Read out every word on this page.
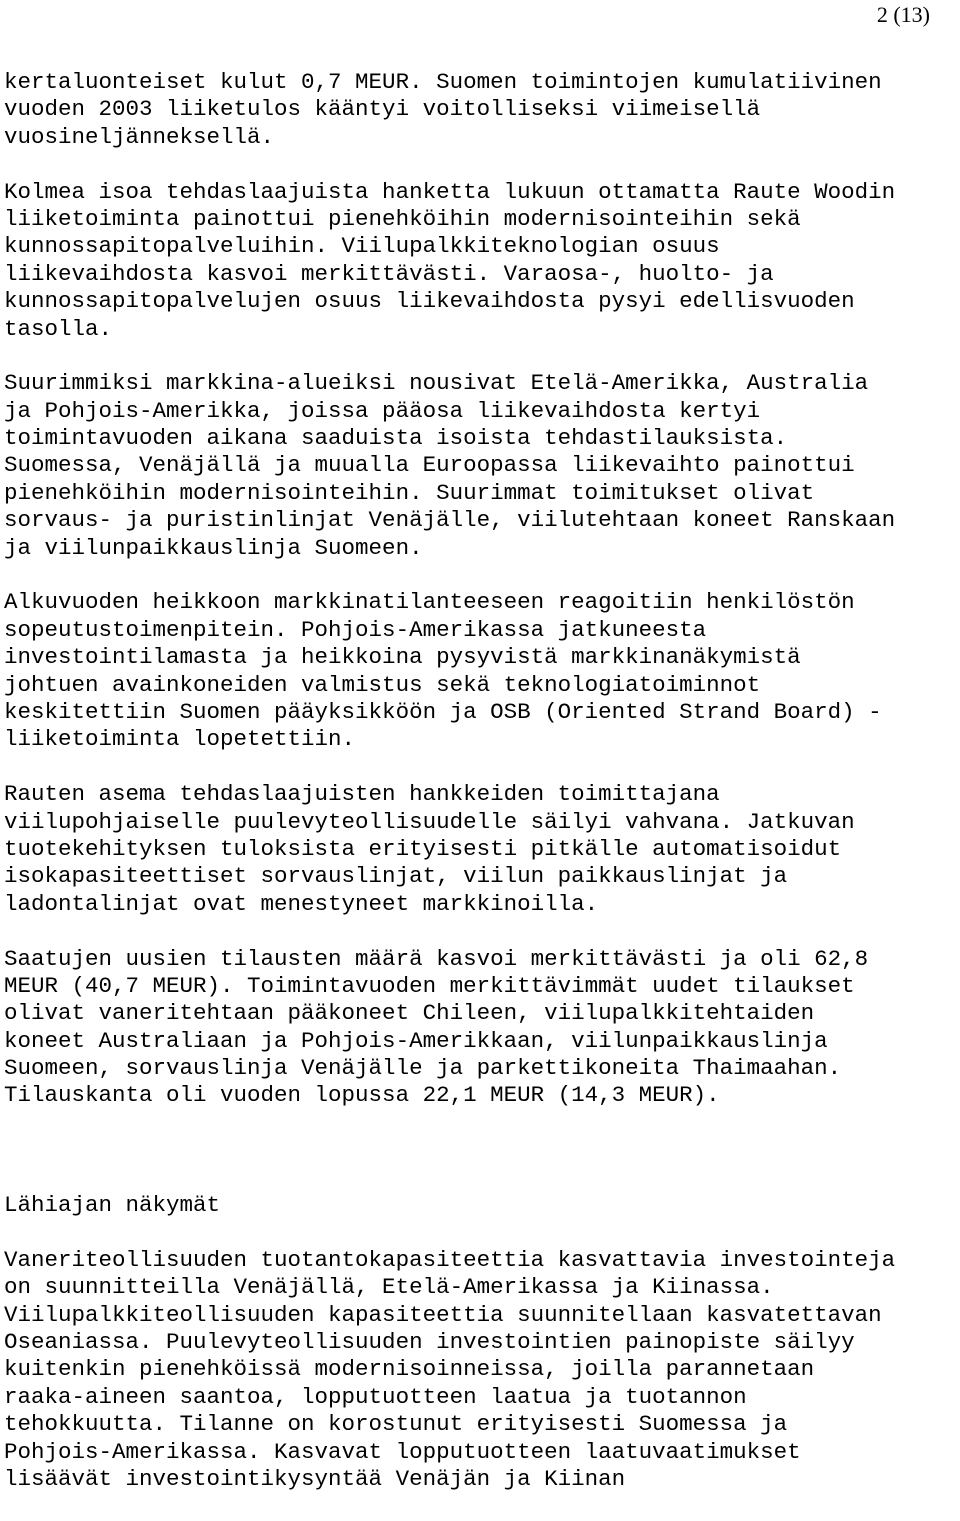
2 (13)
kertaluonteiset kulut 0,7 MEUR. Suomen toimintojen kumulatiivinen
vuoden 2003 liiketulos kääntyi voitolliseksi viimeisellä
vuosineljänneksellä.
Kolmea isoa tehdaslaajuista hanketta lukuun ottamatta Raute Woodin
liiketoiminta painottui pienehköihin modernisointeihin sekä
kunnossapitopalveluihin. Viilupalkkiteknologian osuus
liikevaihdosta kasvoi merkittävästi. Varaosa-, huolto- ja
kunnossapitopalvelujen osuus liikevaihdosta pysyi edellisvuoden
tasolla.
Suurimmiksi markkina-alueiksi nousivat Etelä-Amerikka, Australia
ja Pohjois-Amerikka, joissa pääosa liikevaihdosta kertyi
toimintavuoden aikana saaduista isoista tehdastilauksista.
Suomessa, Venäjällä ja muualla Euroopassa liikevaihto painottui
pienehköihin modernisointeihin. Suurimmat toimitukset olivat
sorvaus- ja puristinlinjat Venäjälle, viilutehtaan koneet Ranskaan
ja viilunpaikkauslinja Suomeen.
Alkuvuoden heikkoon markkinatilanteeseen reagoitiin henkilöstön
sopeutustoimenpitein. Pohjois-Amerikassa jatkuneesta
investointilamasta ja heikkoina pysyvistä markkinanäkymistä
johtuen avainkoneiden valmistus sekä teknologiatoiminnot
keskitettiin Suomen pääyksikköön ja OSB (Oriented Strand Board) -
liiketoiminta lopetettiin.
Rauten asema tehdaslaajuisten hankkeiden toimittajana
viilupohjaiselle puulevyteollisuudelle säilyi vahvana. Jatkuvan
tuotekehityksen tuloksista erityisesti pitkälle automatisoidut
isokapasiteettiset sorvauslinjat, viilun paikkauslinjat ja
ladontalinjat ovat menestyneet markkinoilla.
Saatujen uusien tilausten määrä kasvoi merkittävästi ja oli 62,8
MEUR (40,7 MEUR). Toimintavuoden merkittävimmät uudet tilaukset
olivat vaneritehtaan pääkoneet Chileen, viilupalkkitehtaiden
koneet Australiaan ja Pohjois-Amerikkaan, viilunpaikkauslinja
Suomeen, sorvauslinja Venäjälle ja parkettikoneita Thaimaahan.
Tilauskanta oli vuoden lopussa 22,1 MEUR (14,3 MEUR).
Lähiajan näkymät
Vaneriteollisuuden tuotantokapasiteettia kasvattavia investointeja
on suunnitteilla Venäjällä, Etelä-Amerikassa ja Kiinassa.
Viilupalkkiteollisuuden kapasiteettia suunnitellaan kasvatettavan
Oseaniassa. Puulevyteollisuuden investointien painopiste säilyy
kuitenkin pienehköissä modernisoinneissa, joilla parannetaan
raaka-aineen saantoa, lopputuotteen laatua ja tuotannon
tehokkuutta. Tilanne on korostunut erityisesti Suomessa ja
Pohjois-Amerikassa. Kasvavat lopputuotteen laatuvaatimukset
lisäävät investointikysyntää Venäjän ja Kiinan
